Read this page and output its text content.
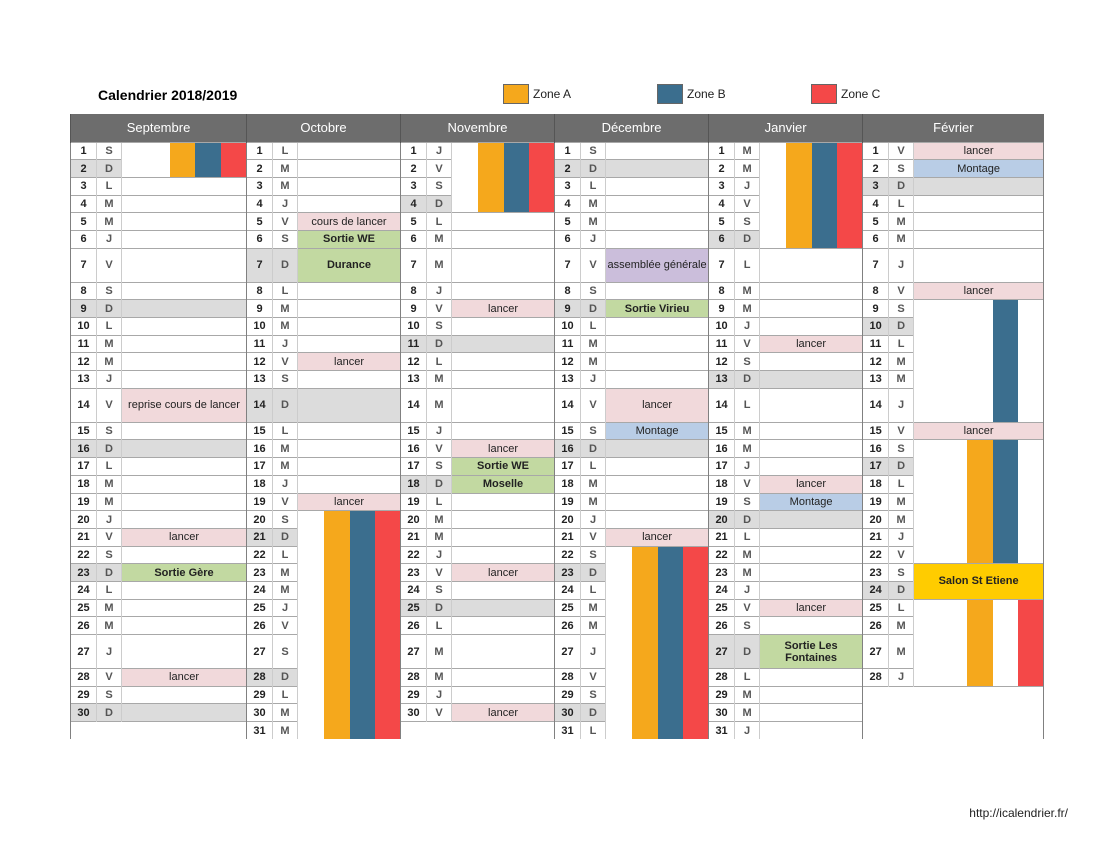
Calendrier 2018/2019	Zone A	Zone B	Zone C
Septembre			Octobre			Novembre			Décembre			Janvier			Février		
1	S		1	L		1	J		1	S		1	M		1	V	lancer

2	D		2	M		2	V		2	D		2	M		2	S	Montage

3	L		3	M		3	S		3	L		3	J		3	D	
4	M		4	J		4	D		4	M		4	V		4	L	
5	M		5	V	cours de lancer	5	L		5	M		5	S		5	M	
6	J		6	S	Sortie WE	6	M		6	J		6	D		6	M	
7	V		7	D	Durance	7	M		7	V	assemblée générale	7	L		7	J	
8	S		8	L		8	J		8	S		8	M		8	V	lancer

9	D		9	M		9	V	lancer	9	D	Sortie Virieu	9	M		9	S	

10	L		10	M		10	S		10	L		10	J		10	D	
11	M		11	J		11	D		11	M		11	V	lancer	11	L	
12	M		12	V	lancer	12	L		12	M		12	S		12	M	
13	J		13	S		13	M		13	J		13	D		13	M	
14	V	reprise cours de lancer	14	D		14	M		14	V	lancer	14	L		14	J	
15	S		15	L		15	J		15	S	Montage	15	M		15	V	lancer

16	D		16	M		16	V	lancer	16	D		16	M		16	S	

17	L		17	M		17	S	Sortie WE	17	L		17	J		17	D	
18	M		18	J		18	D	Moselle	18	M		18	V	lancer	18	L	
19	M		19	V	lancer	19	L		19	M		19	S	Montage	19	M	
20	J		20	S		20	M		20	J		20	D		20	M	
21	V	lancer	21	D		21	M		21	V	lancer	21	L		21	J	
22	S		22	L		22	J		22	S		22	M		22	V	
23	D	Sortie Gère	23	M		23	V	lancer	23	D		23	M		23	S	Salon St Etiene

24	L		24	M		24	S		24	L		24	J		24	D	
25	M		25	J		25	D		25	M		25	V	lancer	25	L	

26	M		26	V		26	L		26	M		26	S		26	M	
27	J		27	S		27	M		27	J		27	D	Sortie Les Fontaines	27	M	
28	V	lancer	28	D		28	M		28	V		28	L		28	J	
29	S		29	L		29	J		29	S		29	M				
30	D		30	M		30	V	lancer	30	D		30	M				
			31	M					31	L		31	J				
http://icalendrier.fr/
